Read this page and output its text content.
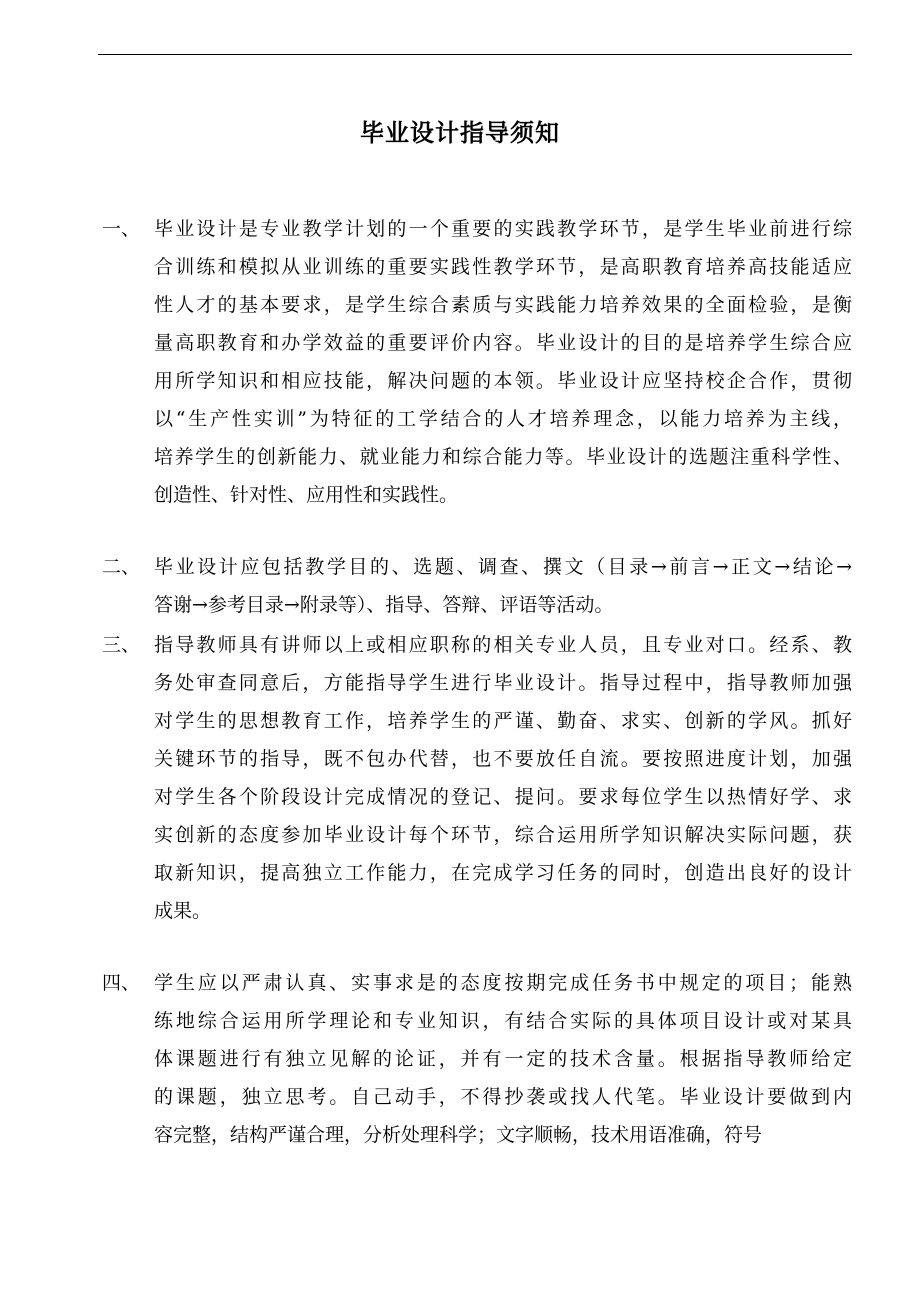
毕业设计指导须知
一、 毕业设计是专业教学计划的一个重要的实践教学环节，是学生毕业前进行综
合训练和模拟从业训练的重要实践性教学环节，是高职教育培养高技能适应
性人才的基本要求，是学生综合素质与实践能力培养效果的全面检验，是衡
量高职教育和办学效益的重要评价内容。毕业设计的目的是培养学生综合应
用所学知识和相应技能，解决问题的本领。毕业设计应坚持校企合作，贯彻
以“生产性实训”为特征的工学结合的人才培养理念，以能力培养为主线，
培养学生的创新能力、就业能力和综合能力等。毕业设计的选题注重科学性、
创造性、针对性、应用性和实践性。
二、 毕业设计应包括教学目的、选题、调查、撰文（目录→前言→正文→结论→
答谢→参考目录→附录等）、指导、答辩、评语等活动。
三、 指导教师具有讲师以上或相应职称的相关专业人员，且专业对口。经系、教
务处审查同意后，方能指导学生进行毕业设计。指导过程中，指导教师加强
对学生的思想教育工作，培养学生的严谨、勤奋、求实、创新的学风。抓好
关键环节的指导，既不包办代替，也不要放任自流。要按照进度计划，加强
对学生各个阶段设计完成情况的登记、提问。要求每位学生以热情好学、求
实创新的态度参加毕业设计每个环节，综合运用所学知识解决实际问题，获
取新知识，提高独立工作能力，在完成学习任务的同时，创造出良好的设计
成果。
四、 学生应以严肃认真、实事求是的态度按期完成任务书中规定的项目；能熟
练地综合运用所学理论和专业知识，有结合实际的具体项目设计或对某具
体课题进行有独立见解的论证，并有一定的技术含量。根据指导教师给定
的课题，独立思考。自己动手，不得抄袭或找人代笔。毕业设计要做到内
容完整，结构严谨合理，分析处理科学；文字顺畅，技术用语准确，符号
